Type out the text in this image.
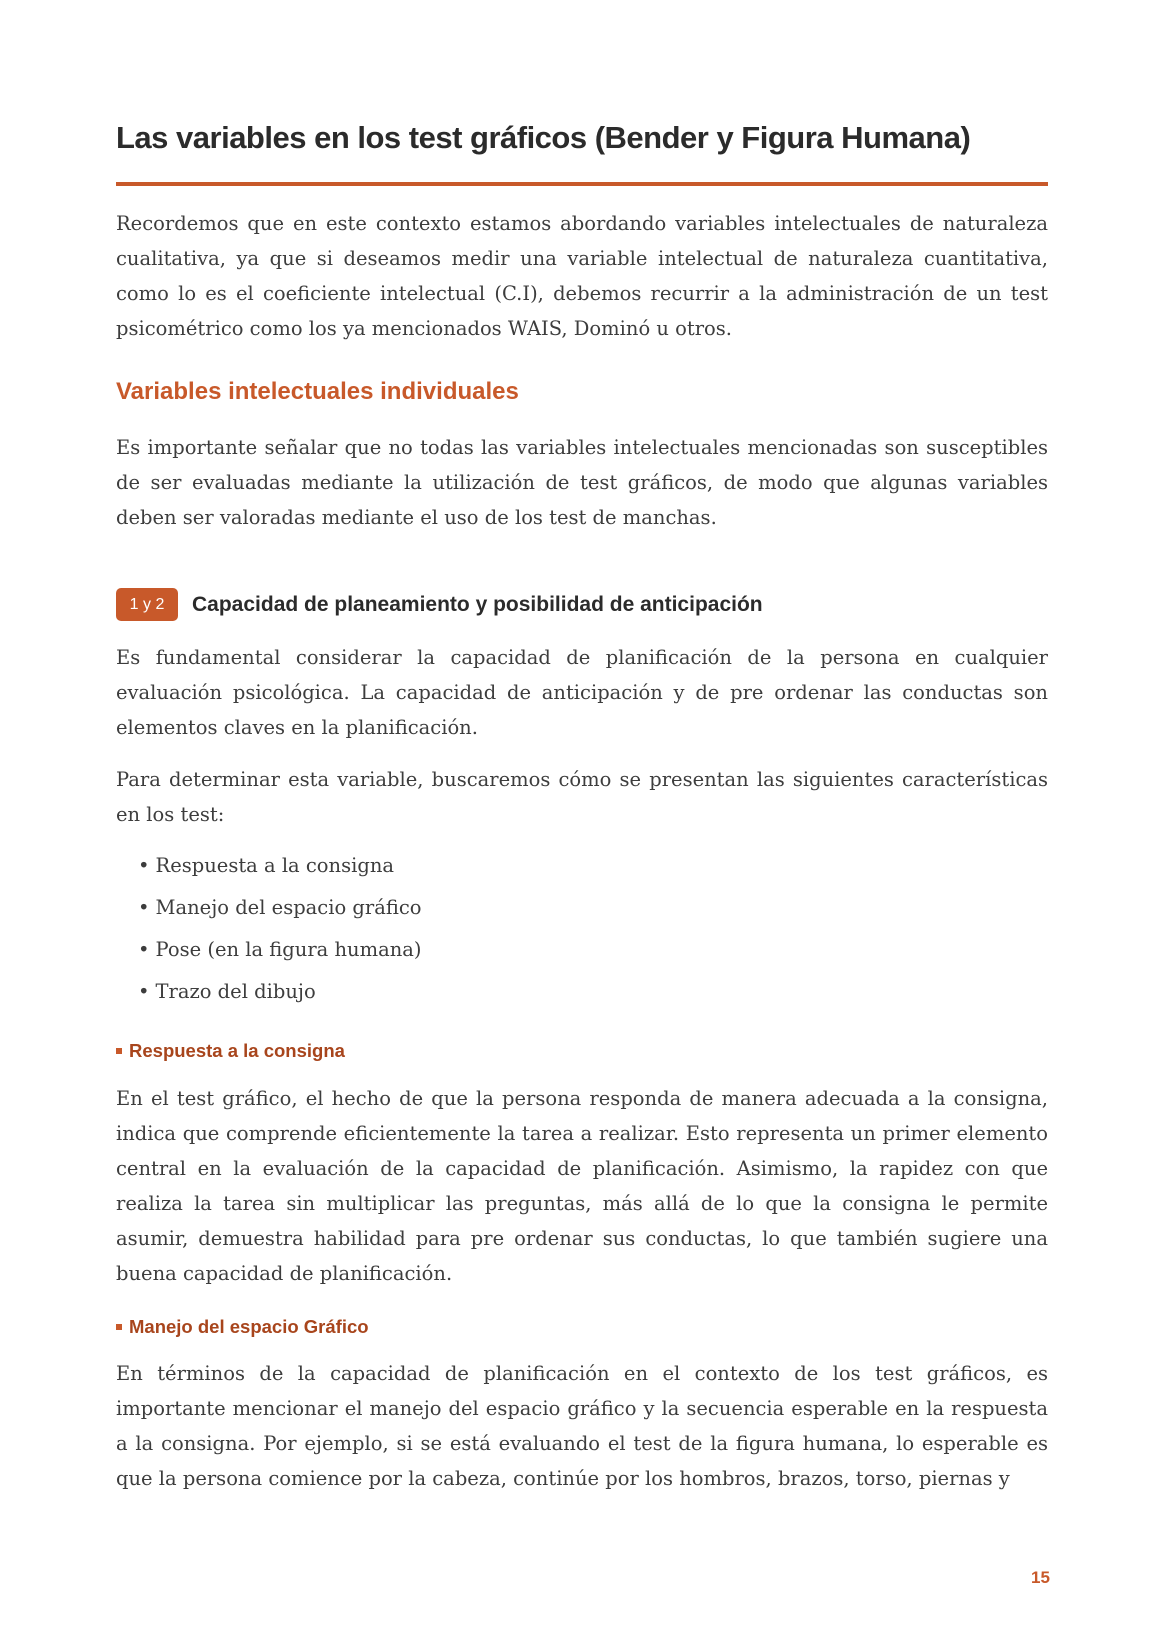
Las variables en los test gráficos (Bender y Figura Humana)

Recordemos que en este contexto estamos abordando variables intelectuales de naturaleza cualitativa, ya que si deseamos medir una variable intelectual de naturaleza cuantitativa, como lo es el coeficiente intelectual (C.I), debemos recurrir a la administración de un test psicométrico como los ya mencionados WAIS, Dominó u otros.

Variables intelectuales individuales

Es importante señalar que no todas las variables intelectuales mencionadas son susceptibles de ser evaluadas mediante la utilización de test gráficos, de modo que algunas variables deben ser valoradas mediante el uso de los test de manchas.

1 y 2	Capacidad de planeamiento y posibilidad de anticipación

Es fundamental considerar la capacidad de planificación de la persona en cualquier evaluación psicológica. La capacidad de anticipación y de pre ordenar las conductas son elementos claves en la planificación.

Para determinar esta variable, buscaremos cómo se presentan las siguientes características en los test:

• Respuesta a la consigna
• Manejo del espacio gráfico
• Pose (en la figura humana)
• Trazo del dibujo
Respuesta a la consigna

En el test gráfico, el hecho de que la persona responda de manera adecuada a la consigna, indica que comprende eficientemente la tarea a realizar. Esto representa un primer elemento central en la evaluación de la capacidad de planificación. Asimismo, la rapidez con que realiza la tarea sin multiplicar las preguntas, más allá de lo que la consigna le permite asumir, demuestra habilidad para pre ordenar sus conductas, lo que también sugiere una buena capacidad de planificación.

Manejo del espacio Gráfico

En términos de la capacidad de planificación en el contexto de los test gráficos, es importante mencionar el manejo del espacio gráfico y la secuencia esperable en la respuesta a la consigna. Por ejemplo, si se está evaluando el test de la figura humana, lo esperable es que la persona comience por la cabeza, continúe por los hombros, brazos, torso, piernas y

15
